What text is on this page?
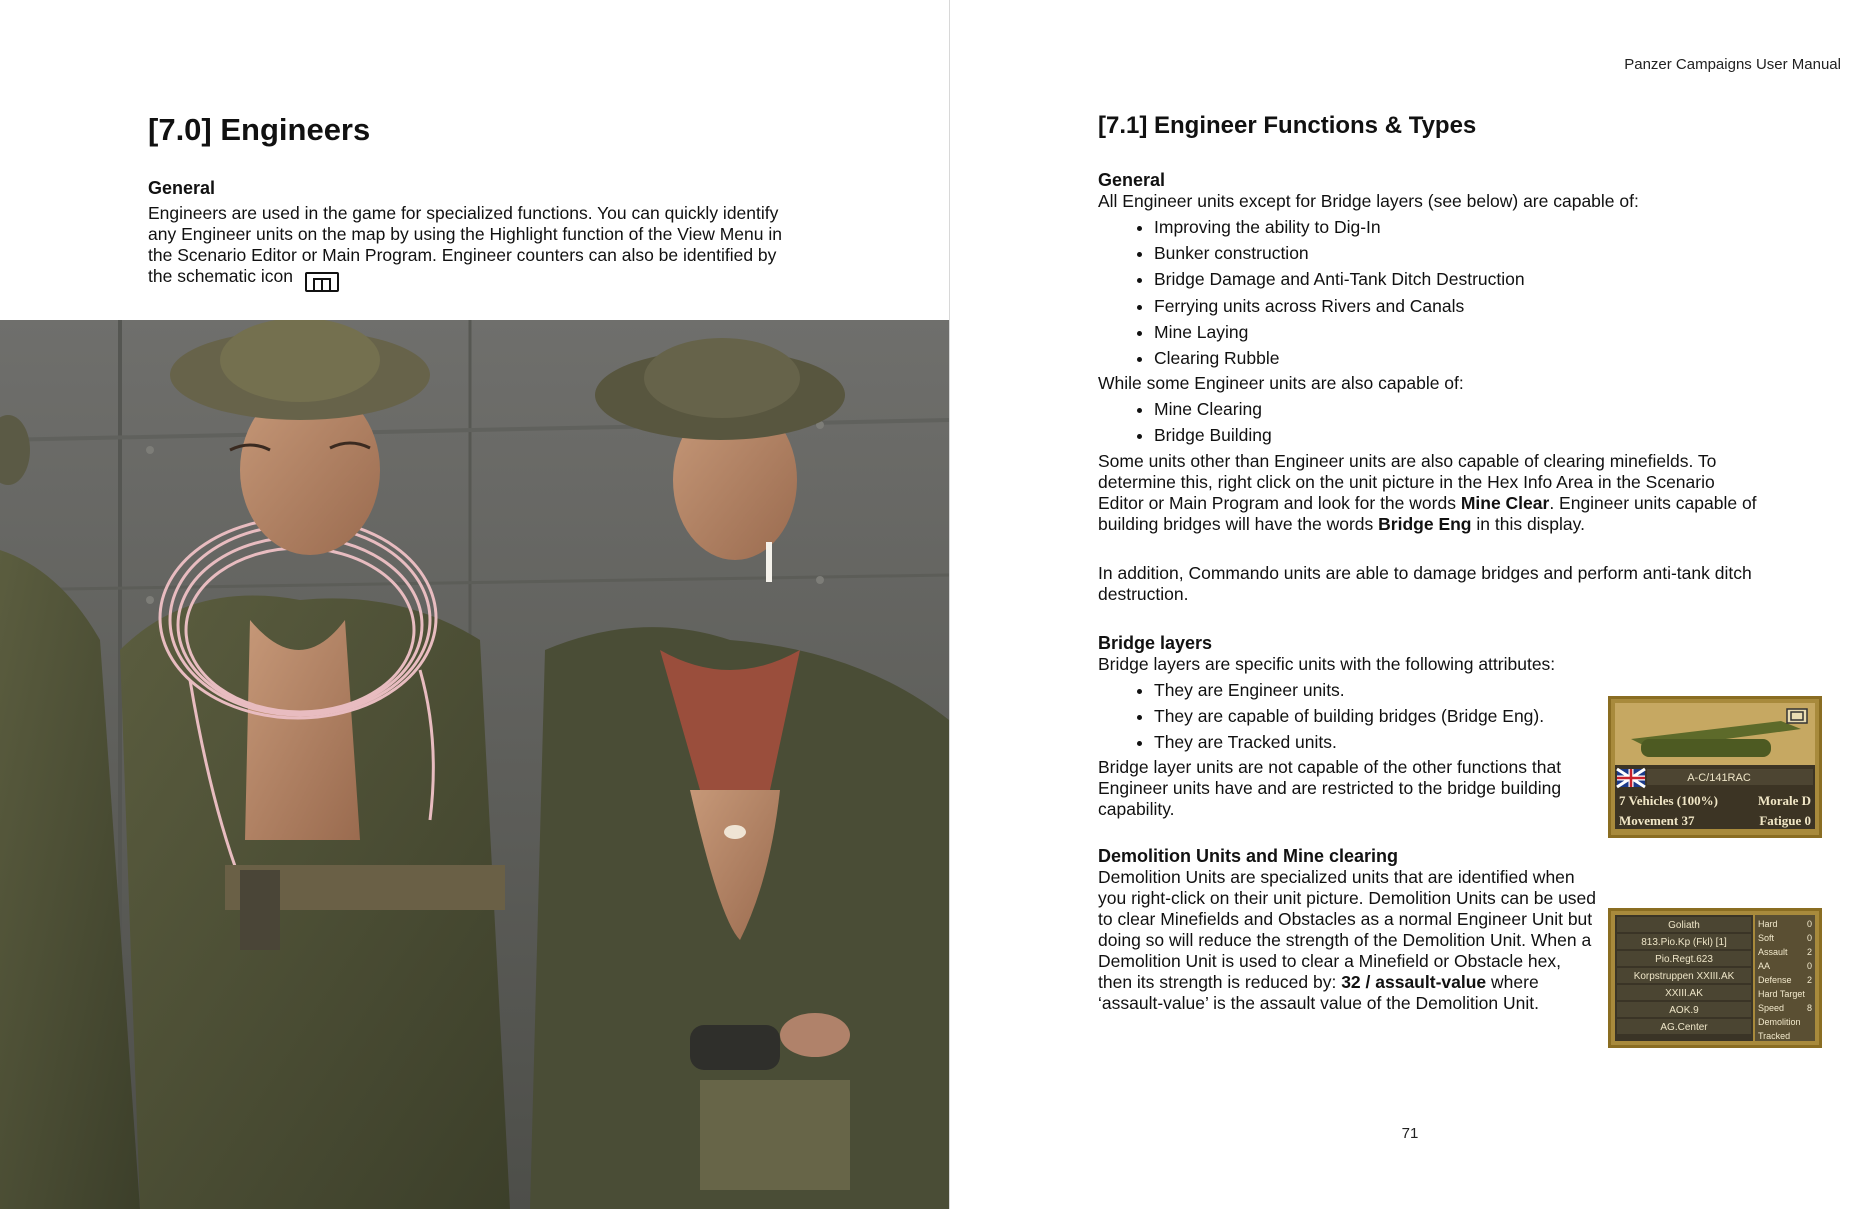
[7.0] Engineers
General

Engineers are used in the game for specialized functions. You can quickly identify any Engineer units on the map by using the Highlight function of the View Menu in the Scenario Editor or Main Program. Engineer counters can also be identified by the schematic icon

Panzer Campaigns User Manual
[7.1] Engineer Functions & Types
General

All Engineer units except for Bridge layers (see below) are capable of:

• Improving the ability to Dig-In
• Bunker construction
• Bridge Damage and Anti-Tank Ditch Destruction
• Ferrying units across Rivers and Canals
• Mine Laying
• Clearing Rubble

While some Engineer units are also capable of:

• Mine Clearing
• Bridge Building

Some units other than Engineer units are also capable of clearing minefields. To determine this, right click on the unit picture in the Hex Info Area in the Scenario Editor or Main Program and look for the words Mine Clear. Engineer units capable of building bridges will have the words Bridge Eng in this display.

In addition, Commando units are able to damage bridges and perform anti-tank ditch destruction.

Bridge layers

Bridge layers are specific units with the following attributes:

• They are Engineer units.
• They are capable of building bridges (Bridge Eng).
• They are Tracked units.

Bridge layer units are not capable of the other functions that Engineer units have and are restricted to the bridge building capability.

Demolition Units and Mine clearing

Demolition Units are specialized units that are identified when you right-click on their unit picture. Demolition Units can be used to clear Minefields and Obstacles as a normal Engineer Unit but doing so will reduce the strength of the Demolition Unit. When a Demolition Unit is used to clear a Minefield or Obstacle hex, then its strength is reduced by: 32 / assault-value where ‘assault-value’ is the assault value of the Demolition Unit.

A-C/141RAC
7 Vehicles (100%)	Morale D
Movement 37	Fatigue 0
Goliath
813.Pio.Kp (Fkl) [1]
Pio.Regt.623
Korpstruppen XXIII.AK
XXIII.AK
AOK.9
AG.Center
Hard	0
Soft	0
Assault 2
AA	0
Defense 2
Hard Target
Speed	8
Demolition
Tracked
71
